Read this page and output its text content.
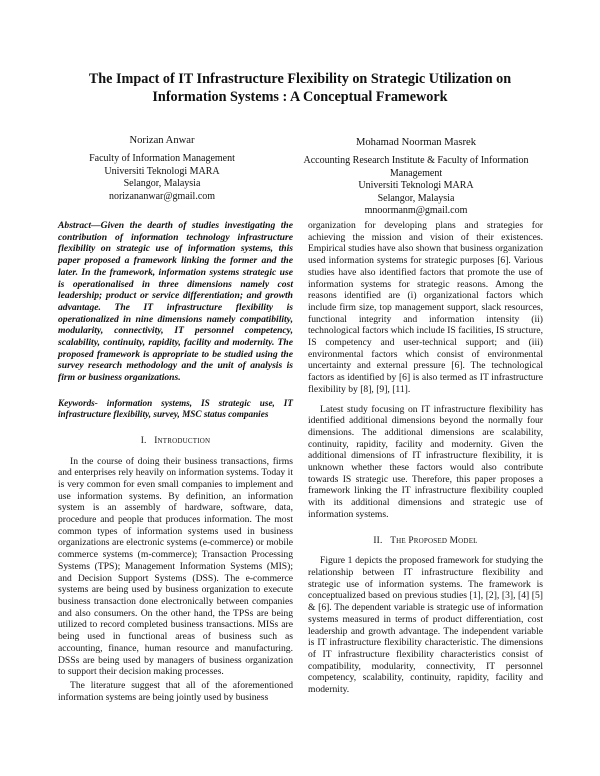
The Impact of IT Infrastructure Flexibility on Strategic Utilization on Information Systems : A Conceptual Framework
Norizan Anwar
Faculty of Information Management
Universiti Teknologi MARA
Selangor, Malaysia
norizananwar@gmail.com
Mohamad Noorman Masrek
Accounting Research Institute & Faculty of Information Management
Universiti Teknologi MARA
Selangor, Malaysia
mnoormanm@gmail.com
Abstract—Given the dearth of studies investigating the contribution of information technology infrastructure flexibility on strategic use of information systems, this paper proposed a framework linking the former and the later. In the framework, information systems strategic use is operationalised in three dimensions namely cost leadership; product or service differentiation; and growth advantage. The IT infrastructure flexibility is operationalized in nine dimensions namely compatibility, modularity, connectivity, IT personnel competency, scalability, continuity, rapidity, facility and modernity. The proposed framework is appropriate to be studied using the survey research methodology and the unit of analysis is firm or business organizations.
Keywords- information systems, IS strategic use, IT infrastructure flexibility, survey, MSC status companies
I. Introduction

In the course of doing their business transactions, firms and enterprises rely heavily on information systems. Today it is very common for even small companies to implement and use information systems. By definition, an information system is an assembly of hardware, software, data, procedure and people that produces information. The most common types of information systems used in business organizations are electronic systems (e-commerce) or mobile commerce systems (m-commerce); Transaction Processing Systems (TPS); Management Information Systems (MIS); and Decision Support Systems (DSS). The e-commerce systems are being used by business organization to execute business transaction done electronically between companies and also consumers. On the other hand, the TPSs are being utilized to record completed business transactions. MISs are being used in functional areas of business such as accounting, finance, human resource and manufacturing. DSSs are being used by managers of business organization to support their decision making processes.

The literature suggest that all of the aforementioned information systems are being jointly used by business

organization for developing plans and strategies for achieving the mission and vision of their existences. Empirical studies have also shown that business organization used information systems for strategic purposes [6]. Various studies have also identified factors that promote the use of information systems for strategic reasons. Among the reasons identified are (i) organizational factors which include firm size, top management support, slack resources, functional integrity and information intensity (ii) technological factors which include IS facilities, IS structure, IS competency and user-technical support; and (iii) environmental factors which consist of environmental uncertainty and external pressure [6]. The technological factors as identified by [6] is also termed as IT infrastructure flexibility by [8], [9], [11].

Latest study focusing on IT infrastructure flexibility has identified additional dimensions beyond the normally four dimensions. The additional dimensions are scalability, continuity, rapidity, facility and modernity. Given the additional dimensions of IT infrastructure flexibility, it is unknown whether these factors would also contribute towards IS strategic use. Therefore, this paper proposes a framework linking the IT infrastructure flexibility coupled with its additional dimensions and strategic use of information systems.

II. The Proposed Model

Figure 1 depicts the proposed framework for studying the relationship between IT infrastructure flexibility and strategic use of information systems. The framework is conceptualized based on previous studies [1], [2], [3], [4] [5] & [6]. The dependent variable is strategic use of information systems measured in terms of product differentiation, cost leadership and growth advantage. The independent variable is IT infrastructure flexibility characteristic. The dimensions of IT infrastructure flexibility characteristics consist of compatibility, modularity, connectivity, IT personnel competency, scalability, continuity, rapidity, facility and modernity.
